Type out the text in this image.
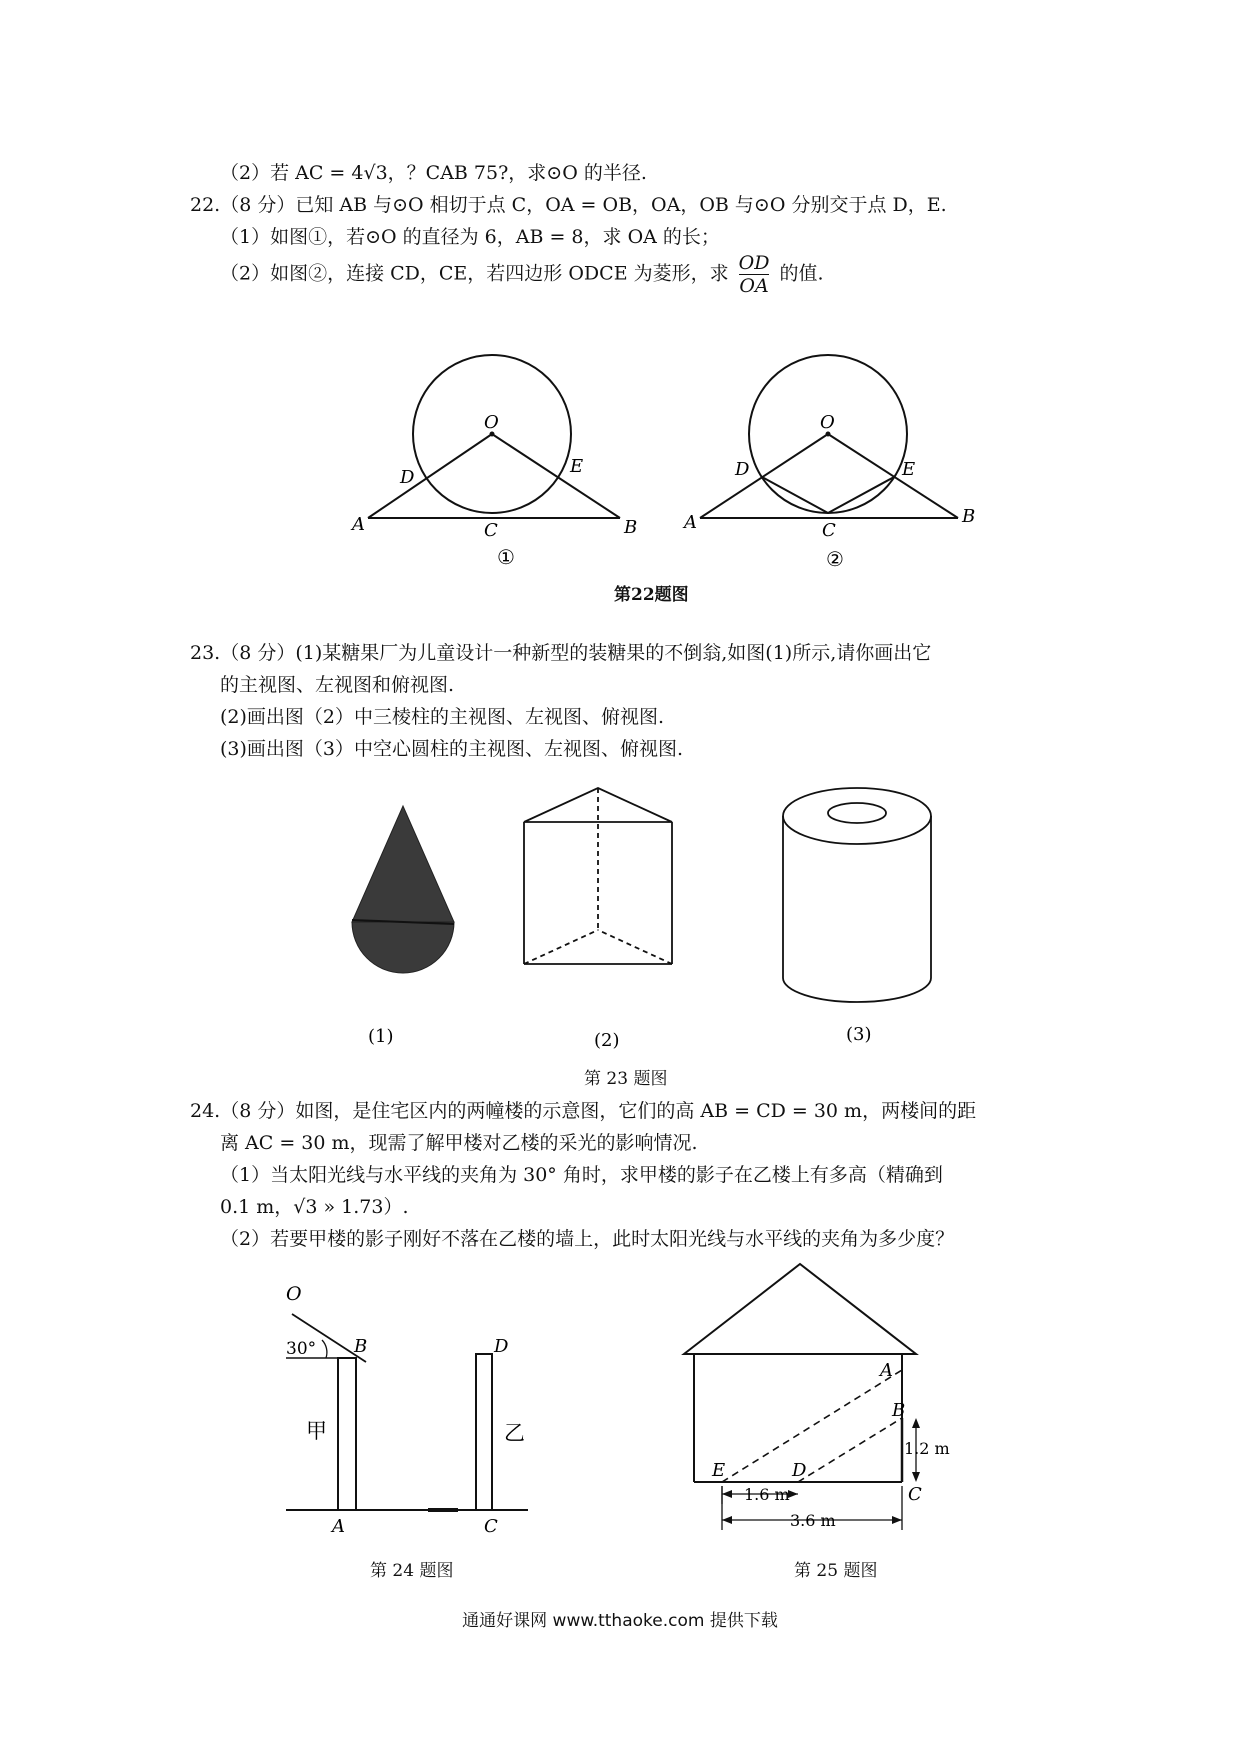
（2）若 AC = 4√3，？CAB 75?，求⊙O 的半径.
22.（8 分）已知 AB 与⊙O 相切于点 C，OA = OB，OA，OB 与⊙O 分别交于点 D，E.
（1）如图①，若⊙O 的直径为 6，AB = 8，求 OA 的长；
（2）如图②，连接 CD，CE，若四边形 ODCE 为菱形，求 $\frac{OD}{OA}$ 的值.
O
D
E
A	B
C
①
O
D	E
A	B
C
②
第22题图
23.（8 分）(1)某糖果厂为儿童设计一种新型的装糖果的不倒翁,如图(1)所示,请你画出它
的主视图、左视图和俯视图.
(2)画出图（2）中三棱柱的主视图、左视图、俯视图.
(3)画出图（3）中空心圆柱的主视图、左视图、俯视图.
(1)	(2)	(3)
第 23 题图
24.（8 分）如图，是住宅区内的两幢楼的示意图，它们的高 AB = CD = 30 m，两楼间的距
离 AC = 30 m，现需了解甲楼对乙楼的采光的影响情况.
（1）当太阳光线与水平线的夹角为 30° 角时，求甲楼的影子在乙楼上有多高（精确到
0.1 m，√3 » 1.73）.
（2）若要甲楼的影子刚好不落在乙楼的墙上，此时太阳光线与水平线的夹角为多少度？
O
30° B	D
甲	乙
A	C
第 24 题图
A
B
C
D
E
1.2 m
1.6 m
3.6 m
第 25 题图
通通好课网 www.tthaoke.com 提供下载
